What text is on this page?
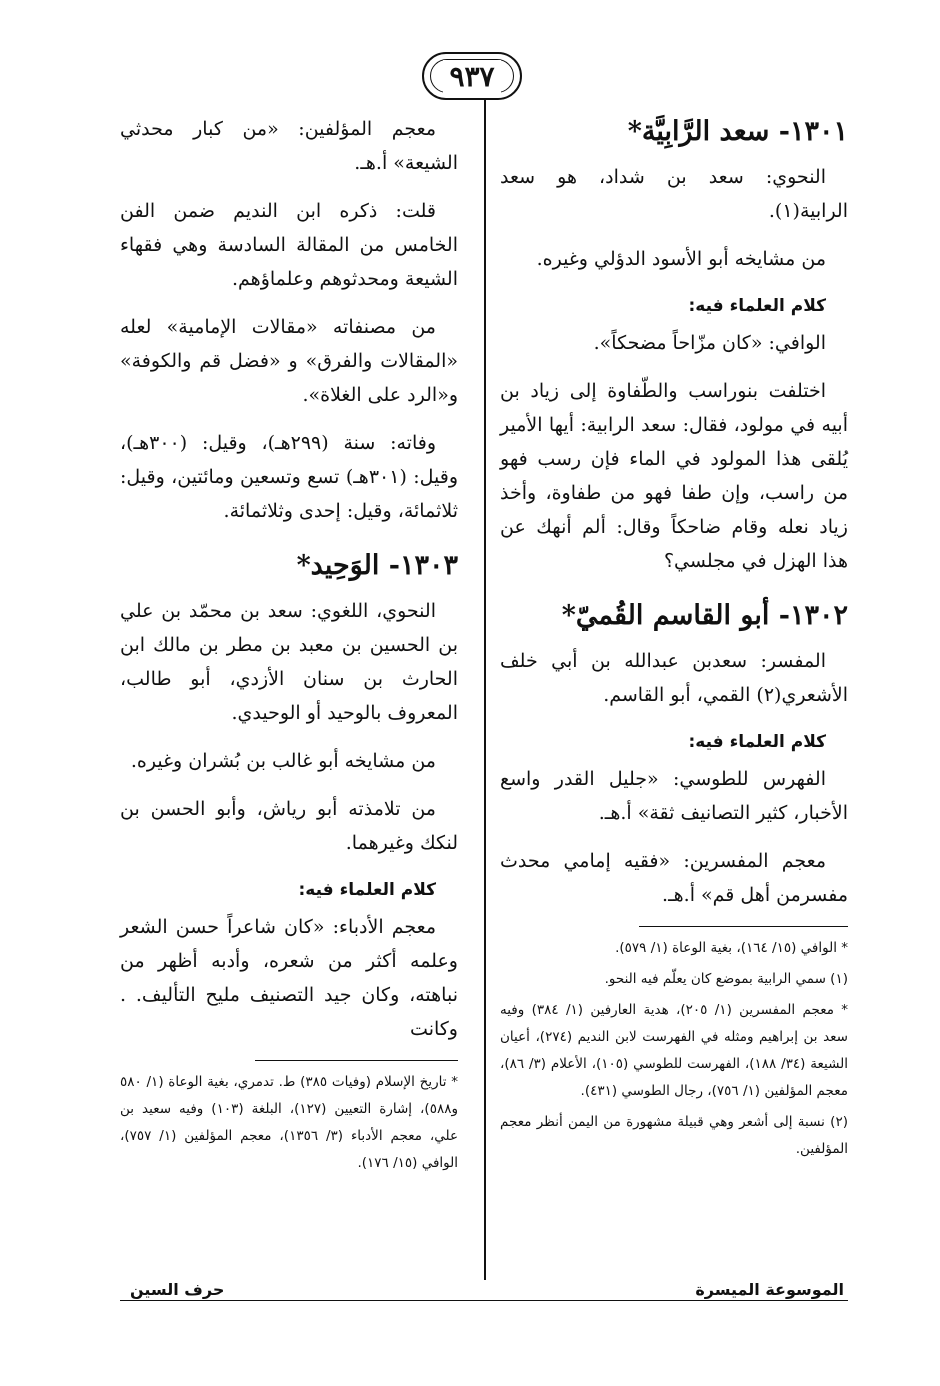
٩٣٧
١٣٠١- سعد الرَّابِيَّة*

النحوي: سعد بن شداد، هو سعد الرابية(١).

من مشايخه أبو الأسود الدؤلي وغيره.

كلام العلماء فيه:

الوافي: «كان مزّاحاً مضحكاً».

اختلفت بنوراسب والطّفاوة إلى زياد بن أبيه في مولود، فقال: سعد الرابية: أيها الأمير يُلقى هذا المولود في الماء فإن رسب فهو من راسب، وإن طفا فهو من طفاوة، وأخذ زياد نعله وقام ضاحكاً وقال: ألم أنهك عن هذا الهزل في مجلسي؟

١٣٠٢- أبو القاسم القُميّ*

المفسر: سعدبن عبدالله بن أبي خلف الأشعري(٢) القمي، أبو القاسم.

كلام العلماء فيه:

الفهرس للطوسي: «جليل القدر واسع الأخبار، كثير التصانيف ثقة» أ.هـ.

معجم المفسرين: «فقيه إمامي محدث مفسرمن أهل قم» أ.هـ.

* الوافي (١٥/ ١٦٤)، بغية الوعاة (١/ ٥٧٩).
(١) سمي الرابية بموضع كان يعلّم فيه النحو.
* معجم المفسرين (١/ ٢٠٥)، هدية العارفين (١/ ٣٨٤) وفيه سعد بن إبراهيم ومثله في الفهرست لابن النديم (٢٧٤)، أعيان الشيعة (٣٤/ ١٨٨)، الفهرست للطوسي (١٠٥)، الأعلام (٣/ ٨٦)، معجم المؤلفين (١/ ٧٥٦)، رجال الطوسي (٤٣١).
(٢) نسبة إلى أشعر وهي قبيلة مشهورة من اليمن أنظر معجم المؤلفين.

معجم المؤلفين: «من كبار محدثي الشيعة» أ.هـ.

قلت: ذكره ابن النديم ضمن الفن الخامس من المقالة السادسة وهي فقهاء الشيعة ومحدثوهم وعلماؤهم.

من مصنفاته «مقالات الإمامية» لعله «المقالات والفرق» و «فضل قم والكوفة» و«الرد على الغلاة».

وفاته: سنة (٢٩٩هـ)، وقيل: (٣٠٠هـ)، وقيل: (٣٠١هـ) تسع وتسعين ومائتين، وقيل: ثلاثمائة، وقيل: إحدى وثلاثمائة.

١٣٠٣- الوَحِيد*

النحوي، اللغوي: سعد بن محمّد بن علي بن الحسين بن معبد بن مطر بن مالك ابن الحارث بن سنان الأزدي، أبو طالب، المعروف بالوحيد أو الوحيدي.

من مشايخه أبو غالب بن بُشران وغيره.

من تلامذته أبو رياش، وأبو الحسن بن لنكك وغيرهما.

كلام العلماء فيه:

معجم الأدباء: «كان شاعراً حسن الشعر وعلمه أكثر من شعره، وأدبه أظهر من نباهته، وكان جيد التصنيف مليح التأليف. . وكانت

* تاريخ الإسلام (وفيات ٣٨٥) ط. تدمري، بغية الوعاة (١/ ٥٨٠ و٥٨٨)، إشارة التعيين (١٢٧)، البلغة (١٠٣) وفيه سعيد بن علي، معجم الأدباء (٣/ ١٣٥٦)، معجم المؤلفين (١/ ٧٥٧)، الوافي (١٥/ ١٧٦).
الموسوعة الميسرة
حرف السين
